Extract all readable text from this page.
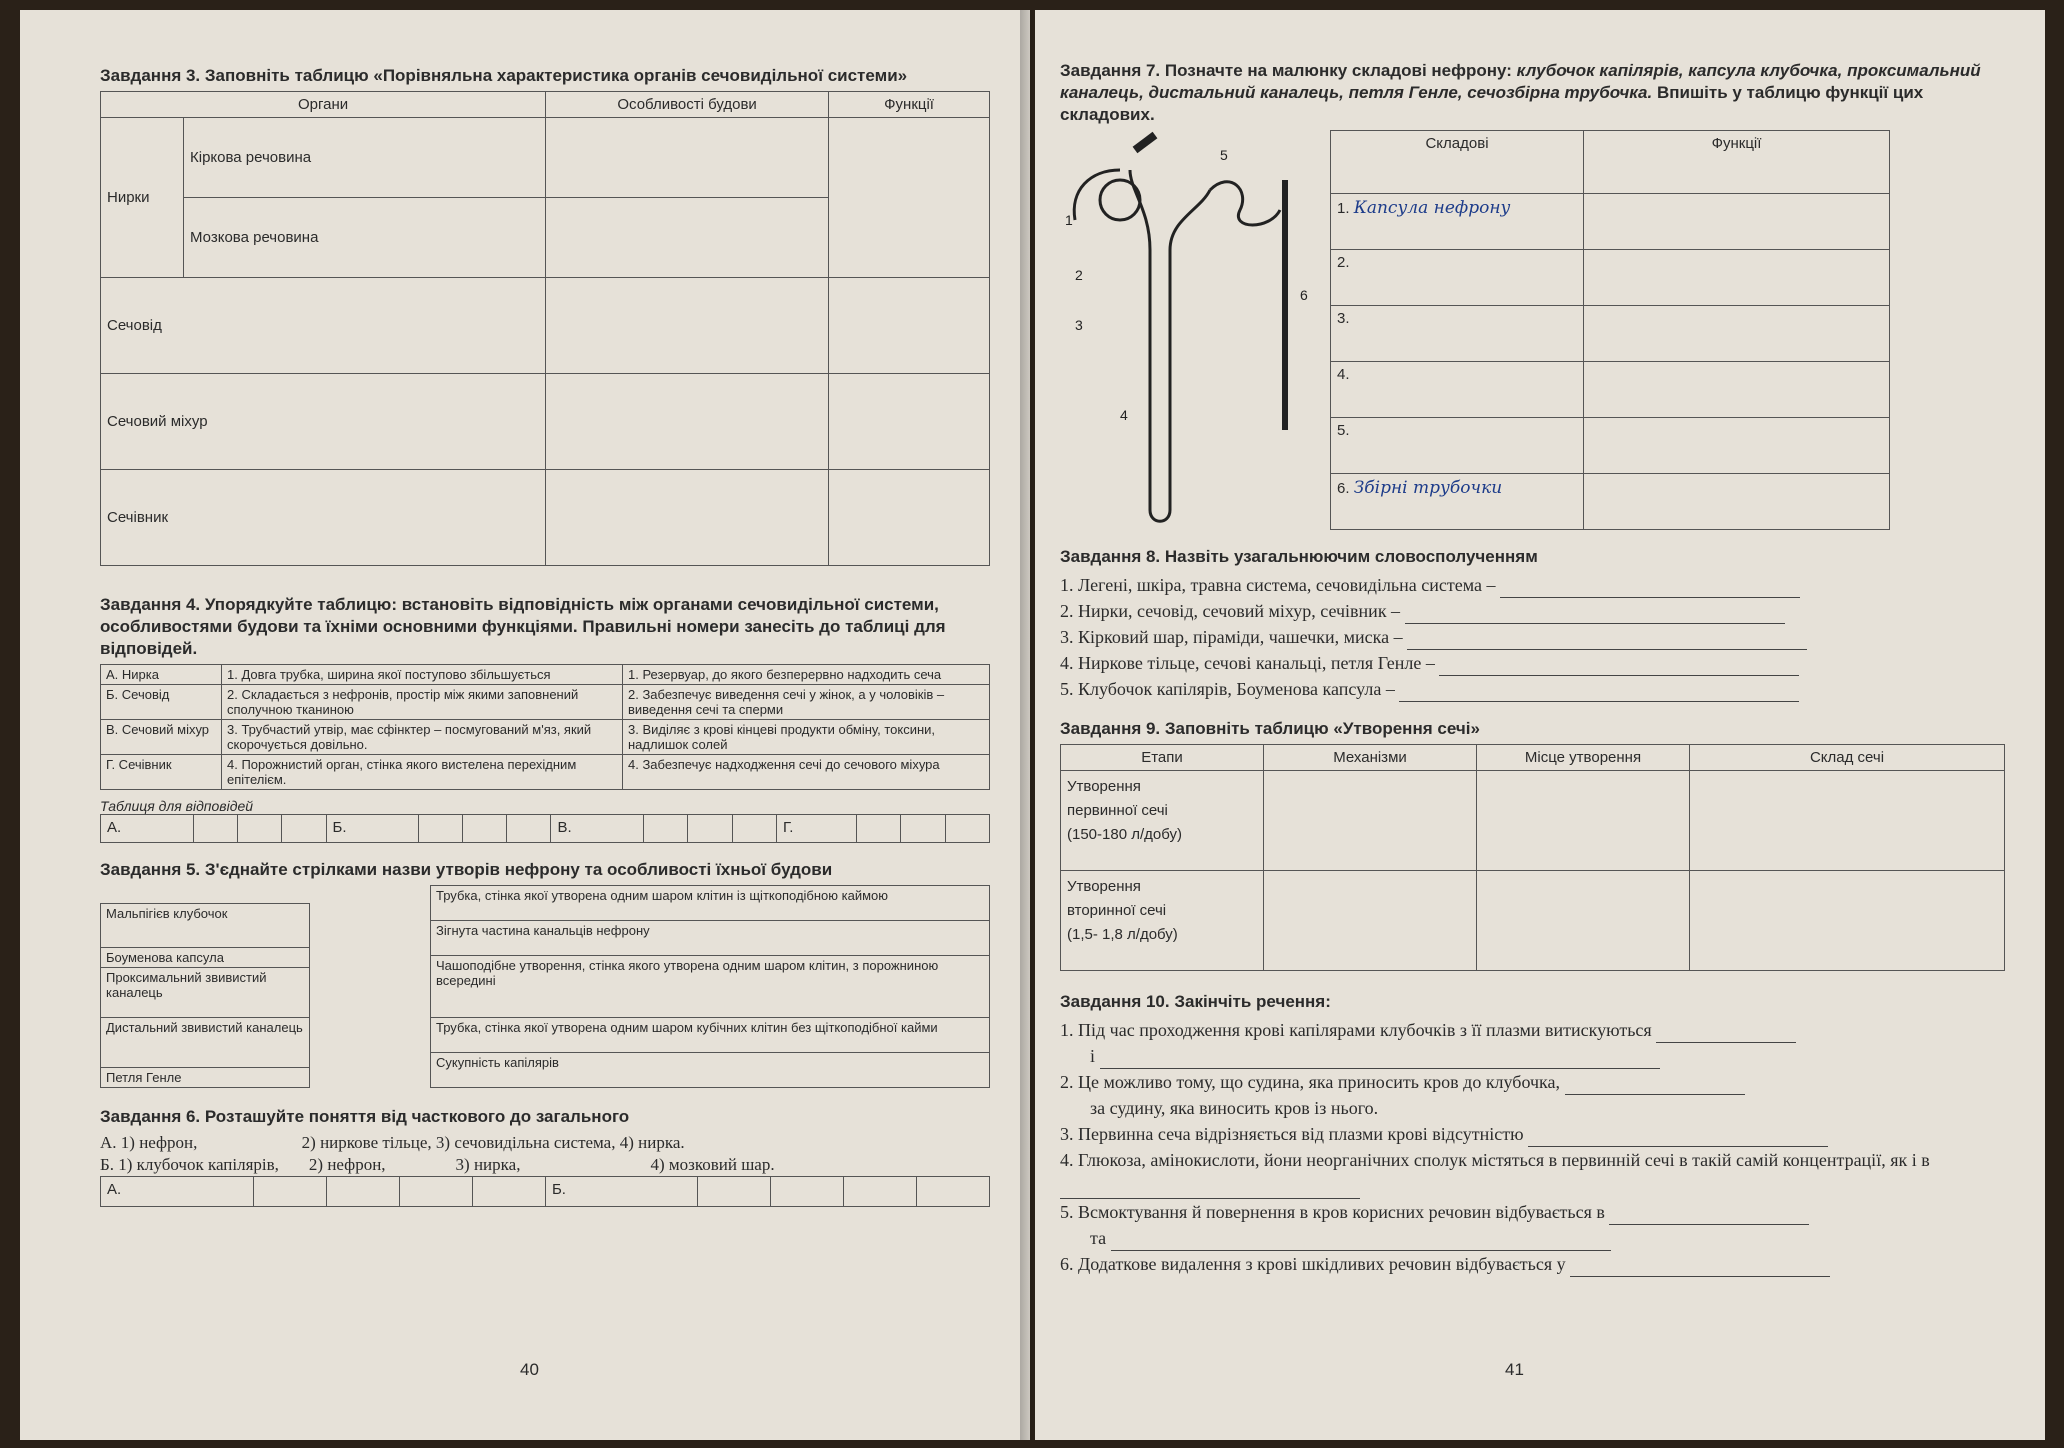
Завдання 3. Заповніть таблицю «Порівняльна характеристика органів сечовидільної системи»

Органи		Особливості будови	Функції
Нирки	Кіркова речовина		
	Мозкова речовина		
Сечовід			
Сечовий міхур			
Сечівник			

Завдання 4. Упорядкуйте таблицю: встановіть відповідність між органами сечовидільної системи, особливостями будови та їхніми основними функціями. Правильні номери занесіть до таблиці для відповідей.

А. Нирка	1. Довга трубка, ширина якої поступово збільшується	1. Резервуар, до якого безперервно надходить сеча
Б. Сечовід	2. Складається з нефронів, простір між якими заповнений сполучною тканиною	2. Забезпечує виведення сечі у жінок, а у чоловіків – виведення сечі та сперми
В. Сечовий міхур	3. Трубчастий утвір, має сфінктер – посмугований м'яз, який скорочується довільно.	3. Виділяє з крові кінцеві продукти обміну, токсини, надлишок солей
Г. Сечівник	4. Порожнистий орган, стінка якого вистелена перехідним епітелієм.	4. Забезпечує надходження сечі до сечового міхура
Таблиця для відповідей
А.				Б.				В.				Г.			

Завдання 5. З'єднайте стрілками назви утворів нефрону та особливості їхньої будови

Мальпігієв клубочок
Боуменова капсула
Проксимальний звивистий каналець
Дистальний звивистий каналець
Петля Генле
Трубка, стінка якої утворена одним шаром клітин із щіткоподібною каймою
Зігнута частина канальців нефрону
Чашоподібне утворення, стінка якого утворена одним шаром клітин, з порожниною всередині
Трубка, стінка якої утворена одним шаром кубічних клітин без щіткоподібної кайми
Сукупність капілярів

Завдання 6. Розташуйте поняття від часткового до загального

А. 1) нефрон,	2) ниркове тільце, 3) сечовидільна система, 4) нирка.
Б. 1) клубочок капілярів, 2) нефрон,	3) нирка,	4) мозковий шар.
А.					Б.				
40

Завдання 7. Позначте на малюнку складові нефрону: клубочок капілярів, капсула клубочка, проксимальний каналець, дистальний каналець, петля Генле, сечозбірна трубочка. Впишіть у таблицю функції цих складових.

1
2
3
4
5
6
Складові	Функції
1. Капсула нефрону	
2.	
3.	
4.	
5.	
6. Збірні трубочки	

Завдання 8. Назвіть узагальнюючим словосполученням

1. Легені, шкіра, травна система, сечовидільна система –
2. Нирки, сечовід, сечовий міхур, сечівник –
3. Кірковий шар, піраміди, чашечки, миска –
4. Ниркове тільце, сечові канальці, петля Генле –
5. Клубочок капілярів, Боуменова капсула –

Завдання 9. Заповніть таблицю «Утворення сечі»

Етапи	Механізми	Місце утворення	Склад сечі
Утворення
первинної сечі
(150-180 л/добу)			
Утворення
вторинної сечі
(1,5- 1,8 л/добу)			

Завдання 10. Закінчіть речення:

1. Під час проходження крові капілярами клубочків з її плазми витискуються
і
2. Це можливо тому, що судина, яка приносить кров до клубочка,
за судину, яка виносить кров із нього.
3. Первинна сеча відрізняється від плазми крові відсутністю
4. Глюкоза, амінокислоти, йони неорганічних сполук містяться в первинній сечі в такій самій концентрації, як і в
5. Всмоктування й повернення в кров корисних речовин відбувається в
та
6. Додаткове видалення з крові шкідливих речовин відбувається у
41
